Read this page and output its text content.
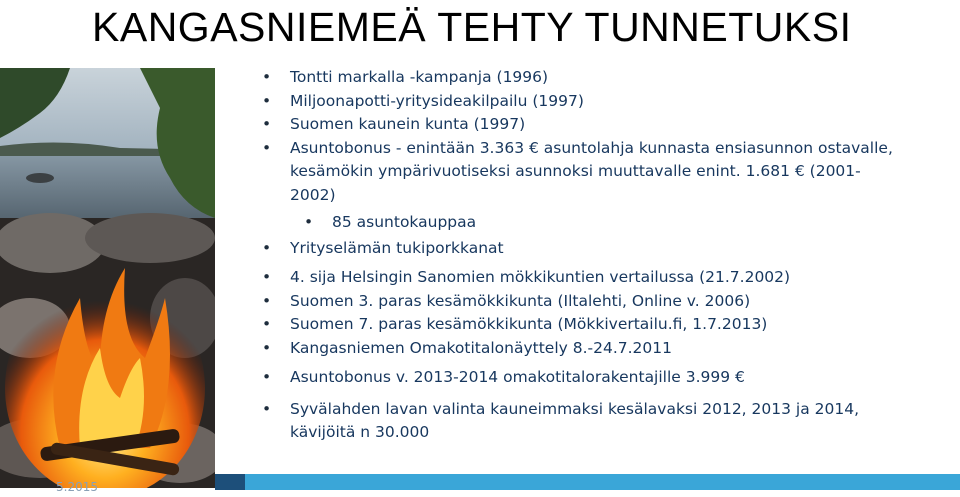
KANGASNIEMEÄ TEHTY TUNNETUKSI
5.2015
• Tontti markalla -kampanja (1996)
• Miljoonapotti-yritysideakilpailu (1997)
• Suomen kaunein kunta (1997)
• Asuntobonus - enintään 3.363 € asuntolahja kunnasta ensiasunnon ostavalle, kesämökin ympärivuotiseksi asunnoksi muuttavalle enint. 1.681 € (2001-2002)
• 85 asuntokauppaa
• Yrityselämän tukiporkkanat
• 4. sija Helsingin Sanomien mökkikuntien vertailussa (21.7.2002)
• Suomen 3. paras kesämökkikunta (Iltalehti, Online v. 2006)
• Suomen 7. paras kesämökkikunta (Mökkivertailu.fi, 1.7.2013)
• Kangasniemen Omakotitalonäyttely 8.-24.7.2011
• Asuntobonus v. 2013-2014 omakotitalorakentajille 3.999 €
• Syvälahden lavan valinta kauneimmaksi kesälavaksi 2012, 2013 ja 2014, kävijöitä n 30.000
